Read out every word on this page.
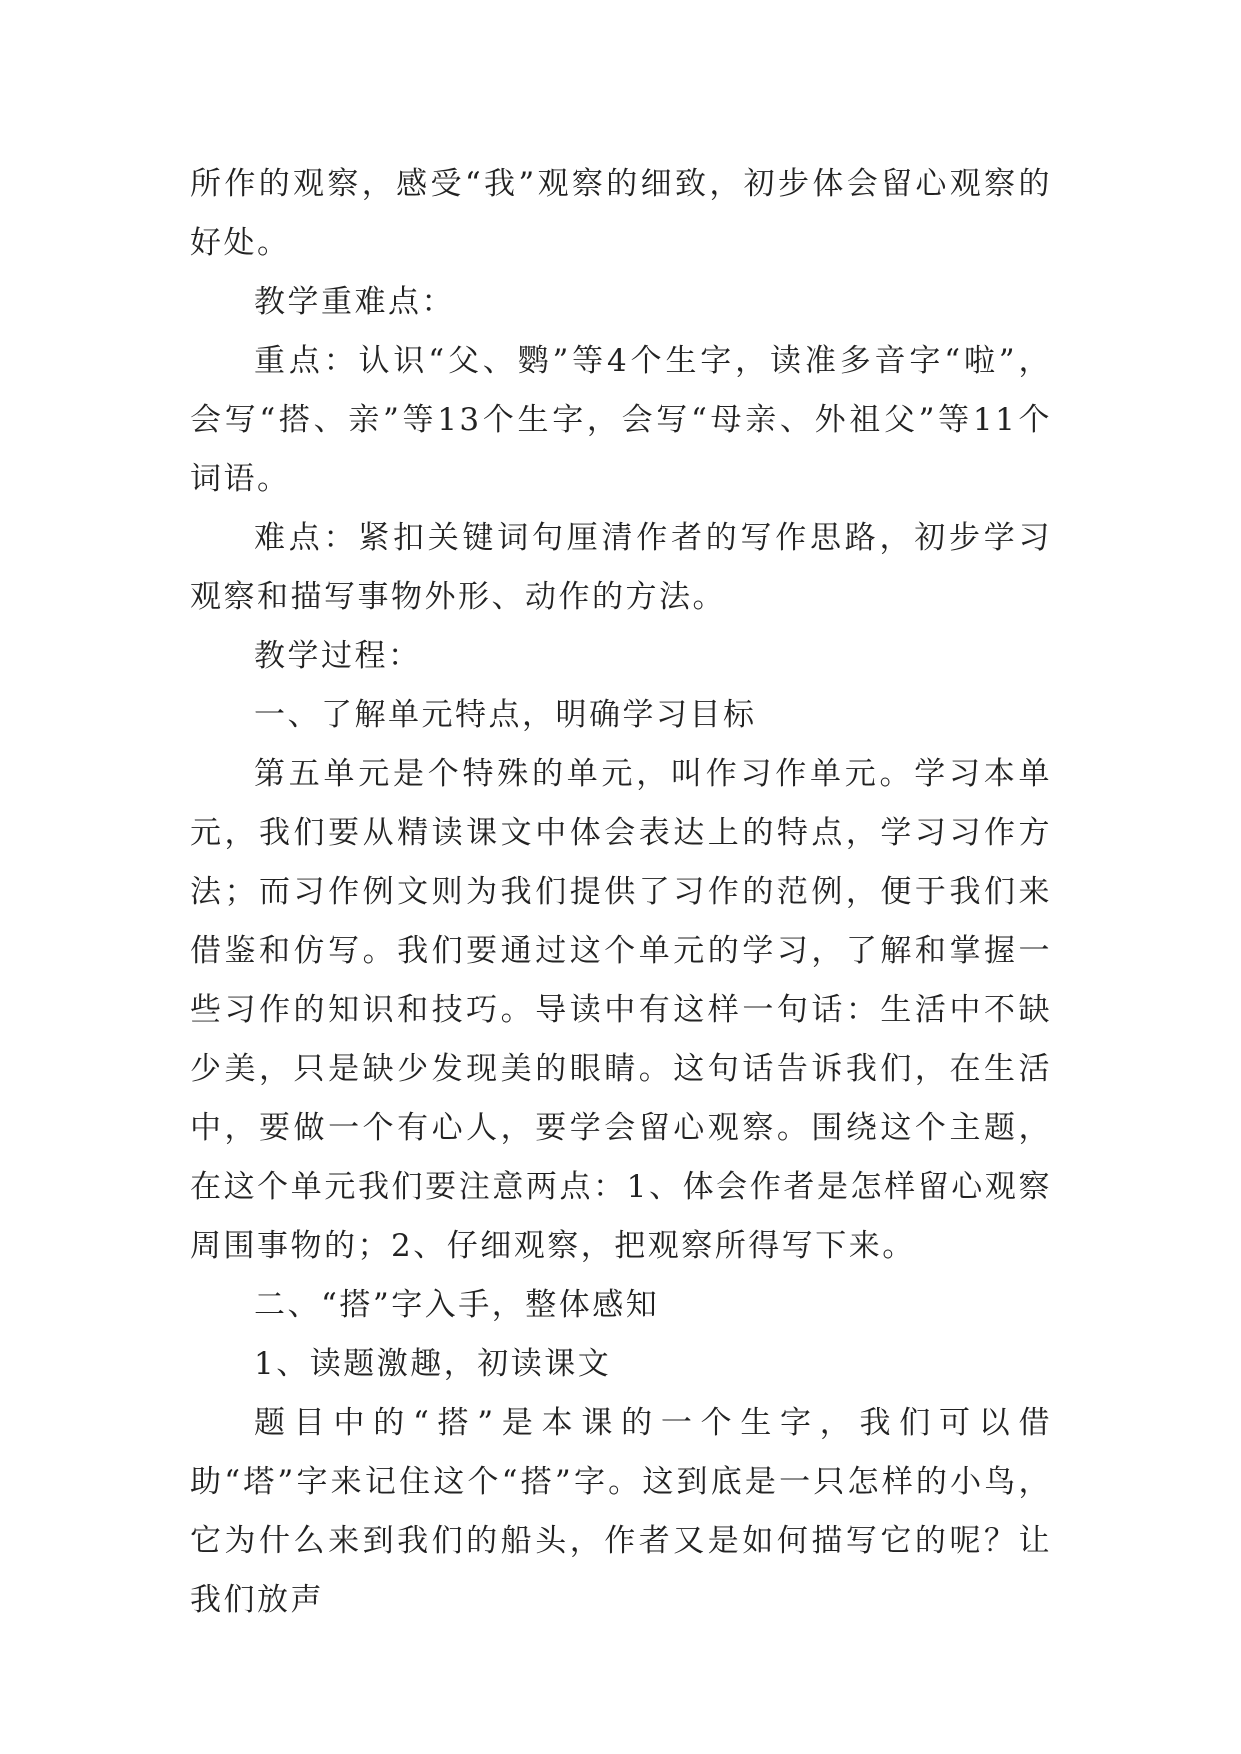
所作的观察，感受“我”观察的细致，初步体会留心观察的好处。

教学重难点：

重点：认识“父、鹦”等4个生字，读准多音字“啦”，会写“搭、亲”等13个生字，会写“母亲、外祖父”等11个词语。

难点：紧扣关键词句厘清作者的写作思路，初步学习观察和描写事物外形、动作的方法。

教学过程：

一、了解单元特点，明确学习目标

第五单元是个特殊的单元，叫作习作单元。学习本单元，我们要从精读课文中体会表达上的特点，学习习作方法；而习作例文则为我们提供了习作的范例，便于我们来借鉴和仿写。我们要通过这个单元的学习，了解和掌握一些习作的知识和技巧。导读中有这样一句话：生活中不缺少美，只是缺少发现美的眼睛。这句话告诉我们，在生活中，要做一个有心人，要学会留心观察。围绕这个主题，在这个单元我们要注意两点：1、体会作者是怎样留心观察周围事物的；2、仔细观察，把观察所得写下来。

二、“搭”字入手，整体感知

1、读题激趣，初读课文

题目中的“搭”是本课的一个生字，我们可以借助“塔”字来记住这个“搭”字。这到底是一只怎样的小鸟，它为什么来到我们的船头，作者又是如何描写它的呢？让我们放声
